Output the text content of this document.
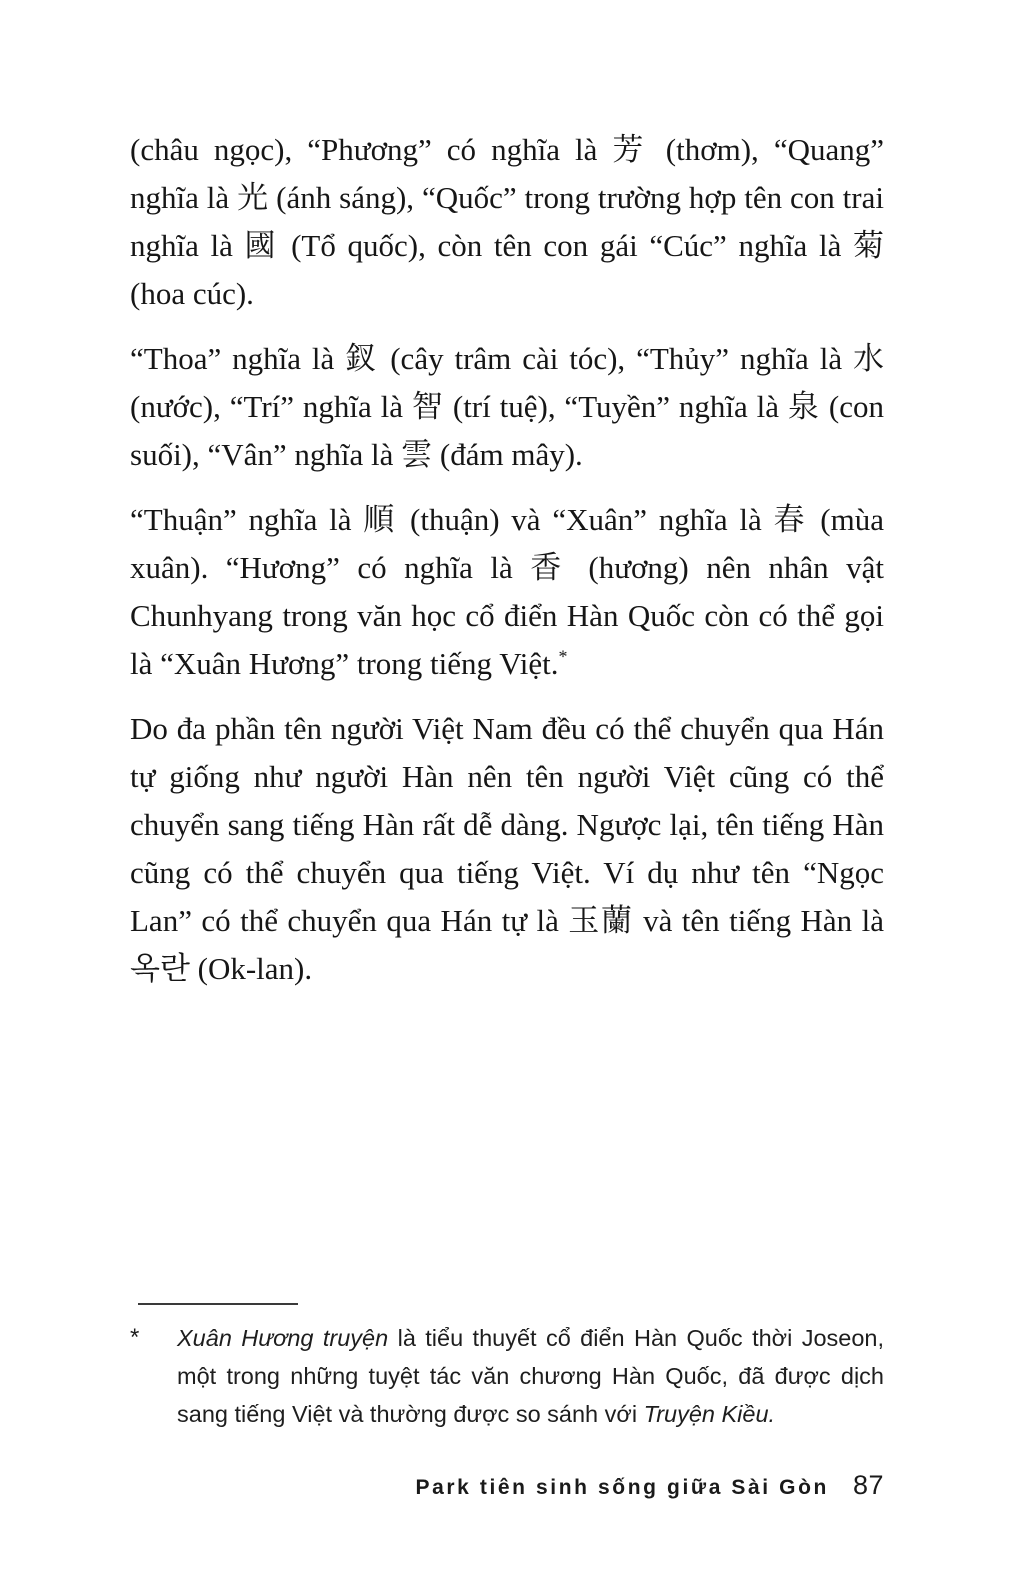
(châu ngọc), “Phương” có nghĩa là 芳 (thơm), “Quang” nghĩa là 光 (ánh sáng), “Quốc” trong trường hợp tên con trai nghĩa là 國 (Tổ quốc), còn tên con gái “Cúc” nghĩa là 菊 (hoa cúc).

“Thoa” nghĩa là 釵 (cây trâm cài tóc), “Thủy” nghĩa là 水 (nước), “Trí” nghĩa là 智 (trí tuệ), “Tuyền” nghĩa là 泉 (con suối), “Vân” nghĩa là 雲 (đám mây).

“Thuận” nghĩa là 順 (thuận) và “Xuân” nghĩa là 春 (mùa xuân). “Hương” có nghĩa là 香 (hương) nên nhân vật Chunhyang trong văn học cổ điển Hàn Quốc còn có thể gọi là “Xuân Hương” trong tiếng Việt.*

Do đa phần tên người Việt Nam đều có thể chuyển qua Hán tự giống như người Hàn nên tên người Việt cũng có thể chuyển sang tiếng Hàn rất dễ dàng. Ngược lại, tên tiếng Hàn cũng có thể chuyển qua tiếng Việt. Ví dụ như tên “Ngọc Lan” có thể chuyển qua Hán tự là 玉蘭 và tên tiếng Hàn là 옥란 (Ok-lan).

*	Xuân Hương truyện là tiểu thuyết cổ điển Hàn Quốc thời Joseon, một trong những tuyệt tác văn chương Hàn Quốc, đã được dịch sang tiếng Việt và thường được so sánh với Truyện Kiều.

Park tiên sinh sống giữa Sài Gòn 87
